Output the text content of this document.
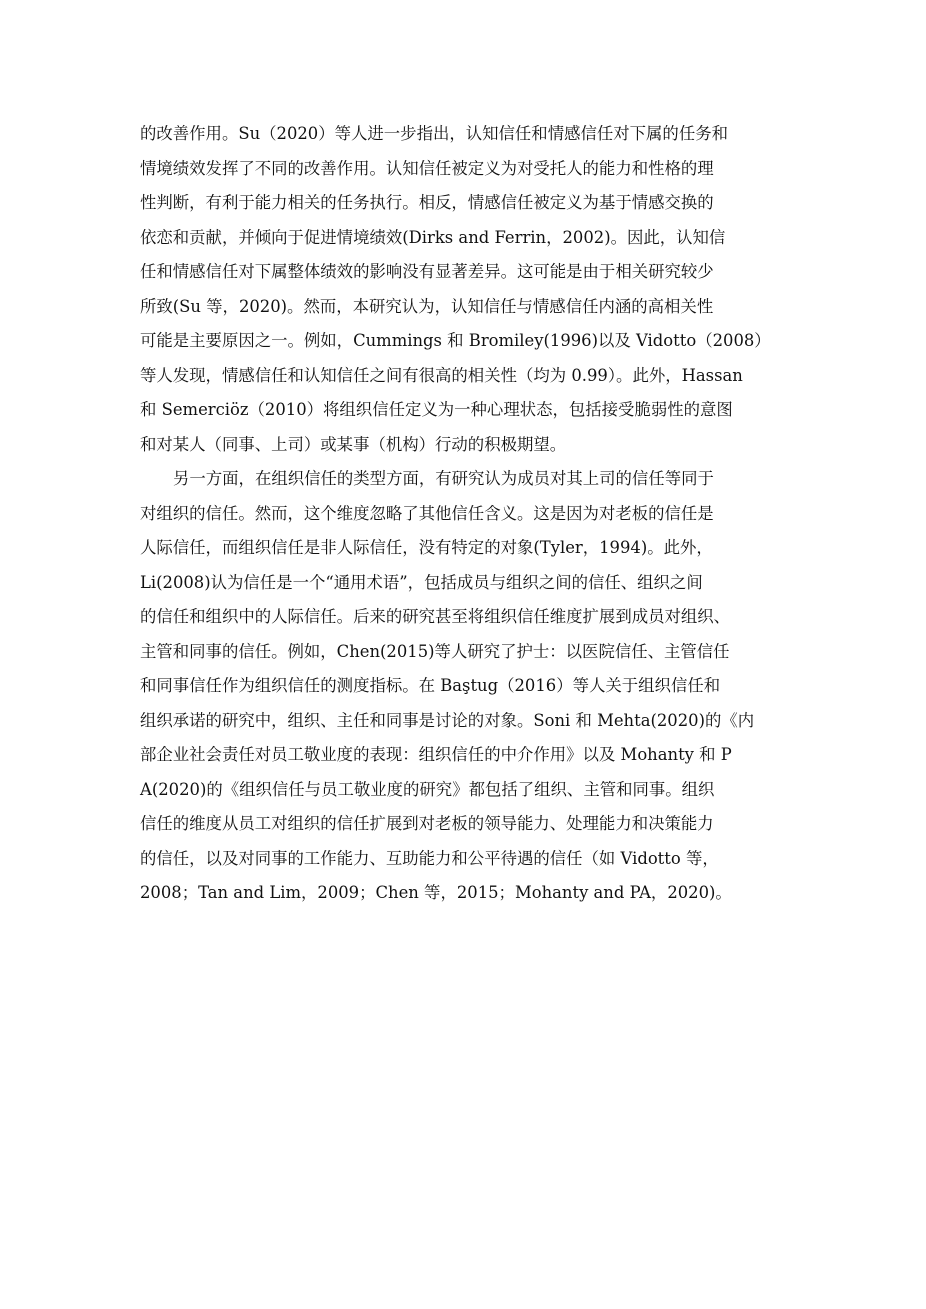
的改善作用。Su（2020）等人进一步指出，认知信任和情感信任对下属的任务和
情境绩效发挥了不同的改善作用。认知信任被定义为对受托人的能力和性格的理
性判断，有利于能力相关的任务执行。相反，情感信任被定义为基于情感交换的
依恋和贡献，并倾向于促进情境绩效(Dirks and Ferrin，2002)。因此，认知信
任和情感信任对下属整体绩效的影响没有显著差异。这可能是由于相关研究较少
所致(Su 等，2020)。然而，本研究认为，认知信任与情感信任内涵的高相关性
可能是主要原因之一。例如，Cummings 和 Bromiley(1996)以及 Vidotto（2008）
等人发现，情感信任和认知信任之间有很高的相关性（均为 0.99）。此外，Hassan
和 Semerciöz（2010）将组织信任定义为一种心理状态，包括接受脆弱性的意图
和对某人（同事、上司）或某事（机构）行动的积极期望。
另一方面，在组织信任的类型方面，有研究认为成员对其上司的信任等同于
对组织的信任。然而，这个维度忽略了其他信任含义。这是因为对老板的信任是
人际信任，而组织信任是非人际信任，没有特定的对象(Tyler，1994)。此外，
Li(2008)认为信任是一个“通用术语”，包括成员与组织之间的信任、组织之间
的信任和组织中的人际信任。后来的研究甚至将组织信任维度扩展到成员对组织、
主管和同事的信任。例如，Chen(2015)等人研究了护士：以医院信任、主管信任
和同事信任作为组织信任的测度指标。在 Baştug（2016）等人关于组织信任和
组织承诺的研究中，组织、主任和同事是讨论的对象。Soni 和 Mehta(2020)的《内
部企业社会责任对员工敬业度的表现：组织信任的中介作用》以及 Mohanty 和 P
A(2020)的《组织信任与员工敬业度的研究》都包括了组织、主管和同事。组织
信任的维度从员工对组织的信任扩展到对老板的领导能力、处理能力和决策能力
的信任，以及对同事的工作能力、互助能力和公平待遇的信任（如 Vidotto 等，
2008；Tan and Lim，2009；Chen 等，2015；Mohanty and PA，2020)。
